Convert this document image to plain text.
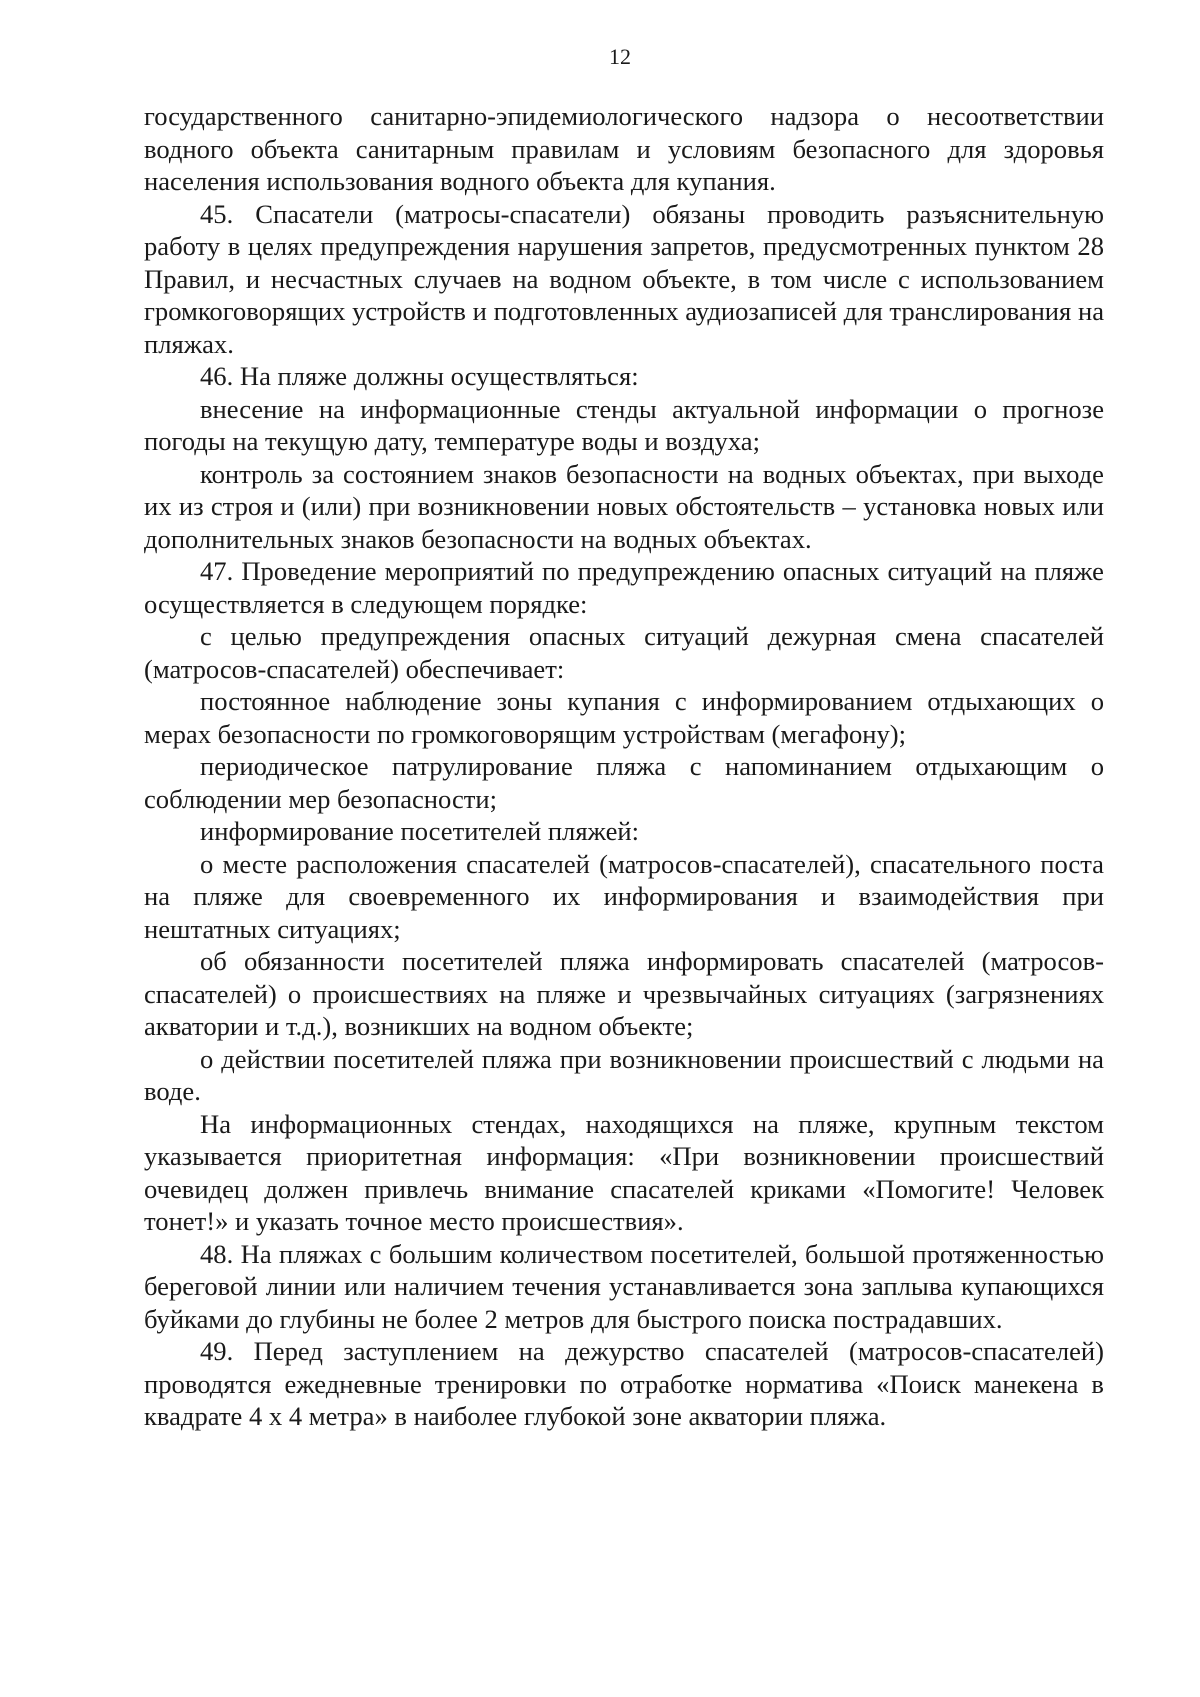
12

государственного санитарно-эпидемиологического надзора о несоответствии водного объекта санитарным правилам и условиям безопасного для здоровья населения использования водного объекта для купания.

45. Спасатели (матросы-спасатели) обязаны проводить разъяснительную работу в целях предупреждения нарушения запретов, предусмотренных пунктом 28 Правил, и несчастных случаев на водном объекте, в том числе с использованием громкоговорящих устройств и подготовленных аудиозаписей для транслирования на пляжах.

46. На пляже должны осуществляться:

внесение на информационные стенды актуальной информации о прогнозе погоды на текущую дату, температуре воды и воздуха;

контроль за состоянием знаков безопасности на водных объектах, при выходе их из строя и (или) при возникновении новых обстоятельств – установка новых или дополнительных знаков безопасности на водных объектах.

47. Проведение мероприятий по предупреждению опасных ситуаций на пляже осуществляется в следующем порядке:

с целью предупреждения опасных ситуаций дежурная смена спасателей (матросов-спасателей) обеспечивает:

постоянное наблюдение зоны купания с информированием отдыхающих о мерах безопасности по громкоговорящим устройствам (мегафону);

периодическое патрулирование пляжа с напоминанием отдыхающим о соблюдении мер безопасности;

информирование посетителей пляжей:

о месте расположения спасателей (матросов-спасателей), спасательного поста на пляже для своевременного их информирования и взаимодействия при нештатных ситуациях;

об обязанности посетителей пляжа информировать спасателей (матросов-спасателей) о происшествиях на пляже и чрезвычайных ситуациях (загрязнениях акватории и т.д.), возникших на водном объекте;

о действии посетителей пляжа при возникновении происшествий с людьми на воде.

На информационных стендах, находящихся на пляже, крупным текстом указывается приоритетная информация: «При возникновении происшествий очевидец должен привлечь внимание спасателей криками «Помогите! Человек тонет!» и указать точное место происшествия».

48. На пляжах с большим количеством посетителей, большой протяженностью береговой линии или наличием течения устанавливается зона заплыва купающихся буйками до глубины не более 2 метров для быстрого поиска пострадавших.

49. Перед заступлением на дежурство спасателей (матросов-спасателей) проводятся ежедневные тренировки по отработке норматива «Поиск манекена в квадрате 4 x 4 метра» в наиболее глубокой зоне акватории пляжа.
